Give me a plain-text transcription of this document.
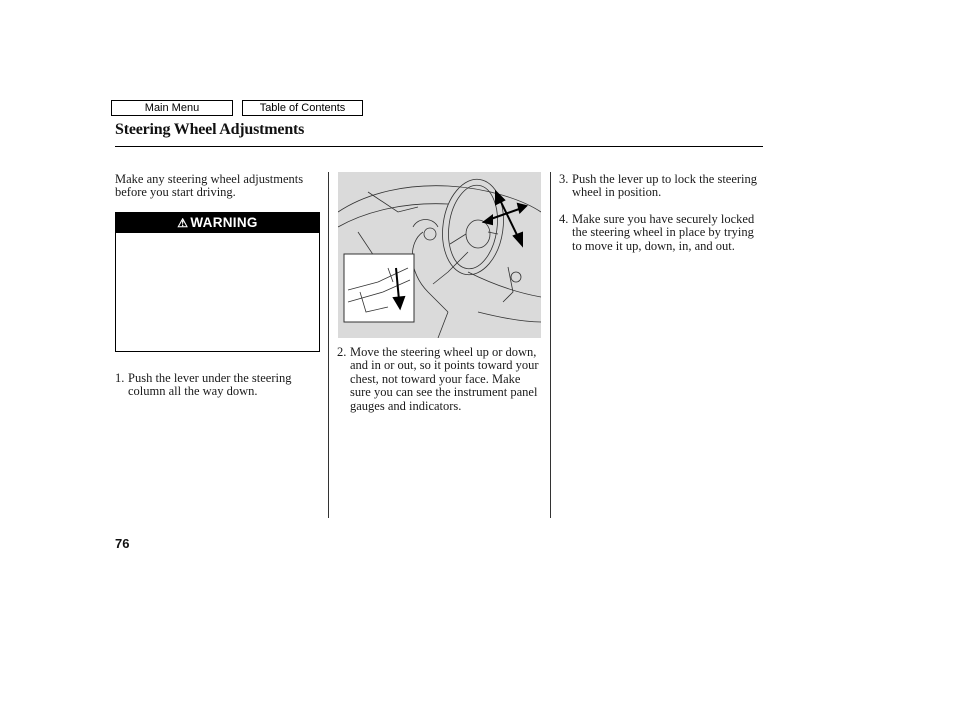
Main Menu	Table of Contents
Steering Wheel Adjustments

Make any steering wheel adjustments before you start driving.

⚠ WARNING
1. Push the lever under the steering column all the way down.
2. Move the steering wheel up or down, and in or out, so it points toward your chest, not toward your face. Make sure you can see the instrument panel gauges and indicators.
3. Push the lever up to lock the steering wheel in position.
4. Make sure you have securely locked the steering wheel in place by trying to move it up, down, in, and out.
76
